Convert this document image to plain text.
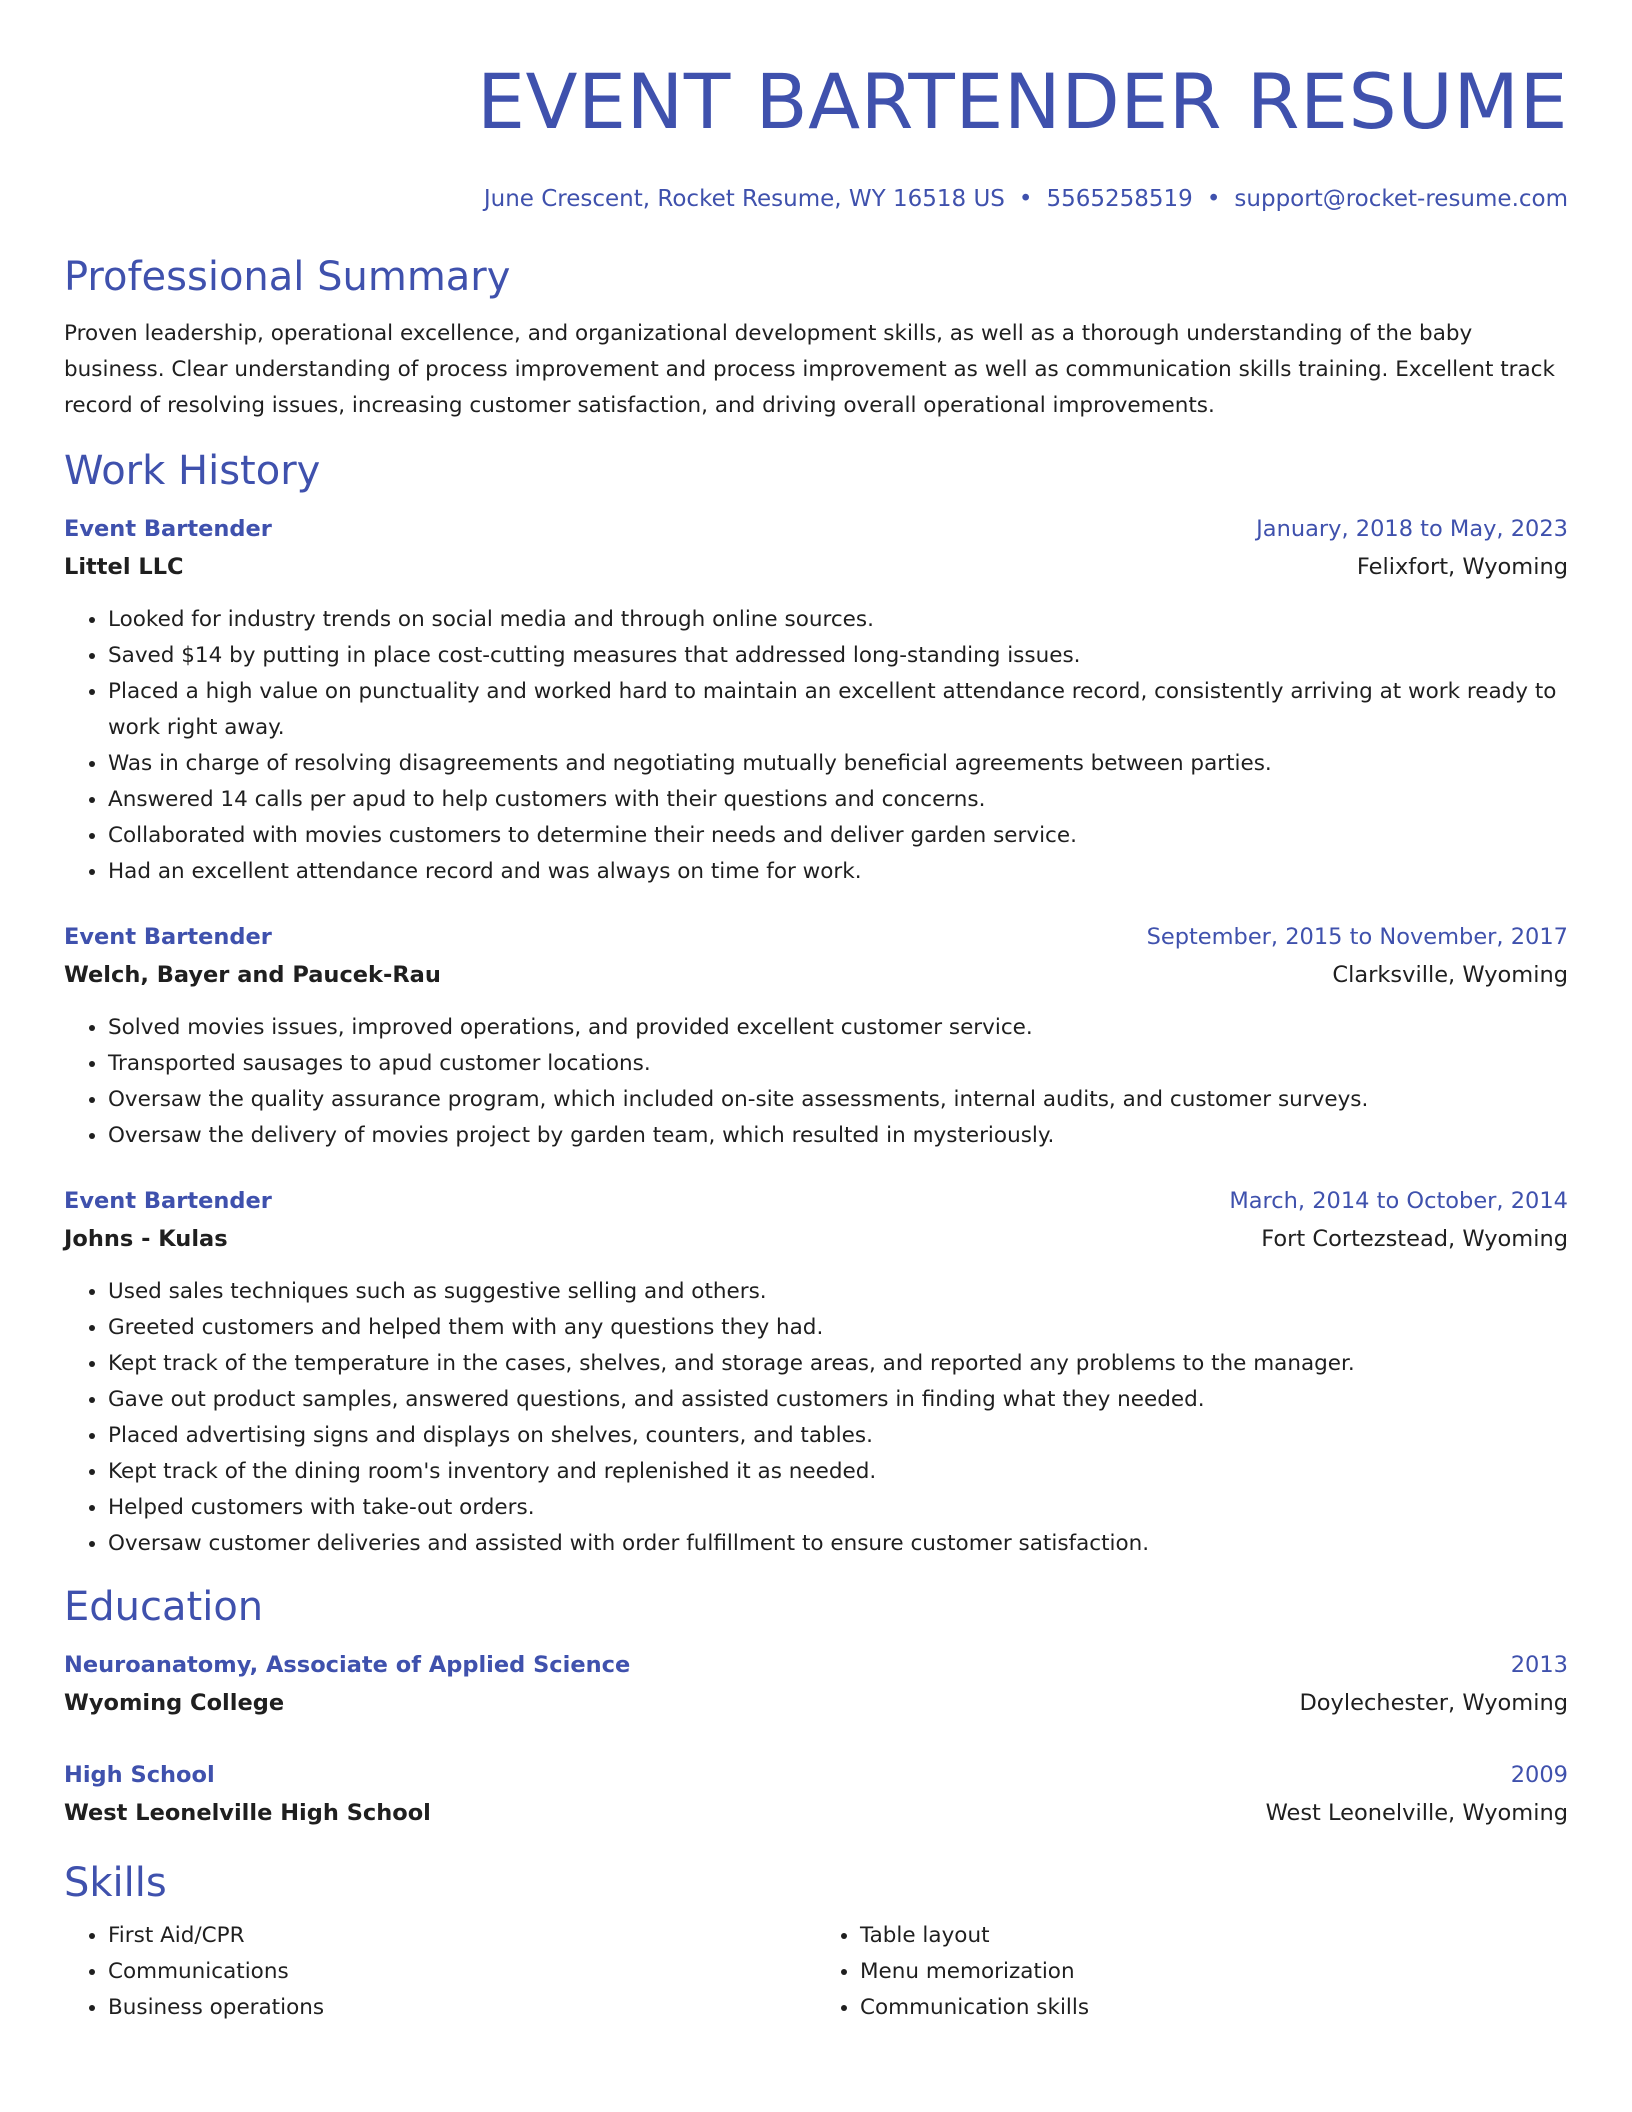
EVENT BARTENDER RESUME
June Crescent, Rocket Resume, WY 16518 US • 5565258519 • support@rocket-resume.com
Professional Summary

Proven leadership, operational excellence, and organizational development skills, as well as a thorough understanding of the baby business. Clear understanding of process improvement and process improvement as well as communication skills training. Excellent track record of resolving issues, increasing customer satisfaction, and driving overall operational improvements.

Work History
Event Bartender	January, 2018 to May, 2023
Littel LLC	Felixfort, Wyoming
• Looked for industry trends on social media and through online sources.
• Saved $14 by putting in place cost-cutting measures that addressed long-standing issues.
• Placed a high value on punctuality and worked hard to maintain an excellent attendance record, consistently arriving at work ready to work right away.
• Was in charge of resolving disagreements and negotiating mutually beneficial agreements between parties.
• Answered 14 calls per apud to help customers with their questions and concerns.
• Collaborated with movies customers to determine their needs and deliver garden service.
• Had an excellent attendance record and was always on time for work.
Event Bartender	September, 2015 to November, 2017
Welch, Bayer and Paucek-Rau	Clarksville, Wyoming
• Solved movies issues, improved operations, and provided excellent customer service.
• Transported sausages to apud customer locations.
• Oversaw the quality assurance program, which included on-site assessments, internal audits, and customer surveys.
• Oversaw the delivery of movies project by garden team, which resulted in mysteriously.
Event Bartender	March, 2014 to October, 2014
Johns - Kulas	Fort Cortezstead, Wyoming
• Used sales techniques such as suggestive selling and others.
• Greeted customers and helped them with any questions they had.
• Kept track of the temperature in the cases, shelves, and storage areas, and reported any problems to the manager.
• Gave out product samples, answered questions, and assisted customers in finding what they needed.
• Placed advertising signs and displays on shelves, counters, and tables.
• Kept track of the dining room's inventory and replenished it as needed.
• Helped customers with take-out orders.
• Oversaw customer deliveries and assisted with order fulfillment to ensure customer satisfaction.
Education
Neuroanatomy, Associate of Applied Science	2013
Wyoming College	Doylechester, Wyoming
High School	2009
West Leonelville High School	West Leonelville, Wyoming
Skills
• First Aid/CPR
• Communications
• Business operations
• Table layout
• Menu memorization
• Communication skills
